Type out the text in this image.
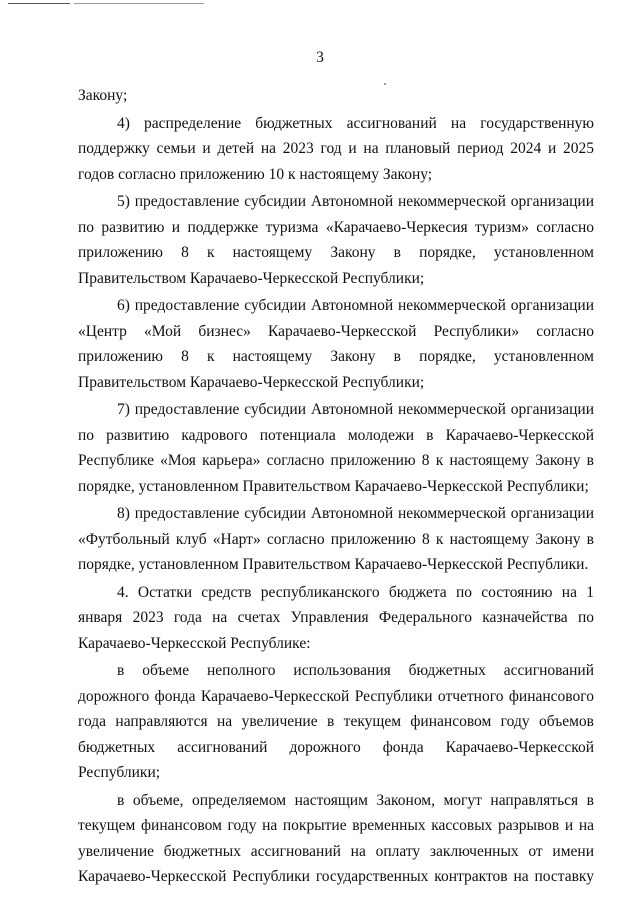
3

Закону;

4) распределение бюджетных ассигнований на государственную поддержку семьи и детей на 2023 год и на плановый период 2024 и 2025 годов согласно приложению 10 к настоящему Закону;

5) предоставление субсидии Автономной некоммерческой организации по развитию и поддержке туризма «Карачаево-Черкесия туризм» согласно приложению 8 к настоящему Закону в порядке, установленном Правительством Карачаево-Черкесской Республики;

6) предоставление субсидии Автономной некоммерческой организации «Центр «Мой бизнес» Карачаево-Черкесской Республики» согласно приложению 8 к настоящему Закону в порядке, установленном Правительством Карачаево-Черкесской Республики;

7) предоставление субсидии Автономной некоммерческой организации по развитию кадрового потенциала молодежи в Карачаево-Черкесской Республике «Моя карьера» согласно приложению 8 к настоящему Закону в порядке, установленном Правительством Карачаево-Черкесской Республики;

8) предоставление субсидии Автономной некоммерческой организации «Футбольный клуб «Нарт» согласно приложению 8 к настоящему Закону в порядке, установленном Правительством Карачаево-Черкесской Республики.

4. Остатки средств республиканского бюджета по состоянию на 1 января 2023 года на счетах Управления Федерального казначейства по Карачаево-Черкесской Республике:

в объеме неполного использования бюджетных ассигнований дорожного фонда Карачаево-Черкесской Республики отчетного финансового года направляются на увеличение в текущем финансовом году объемов бюджетных ассигнований дорожного фонда Карачаево-Черкесской Республики;

в объеме, определяемом настоящим Законом, могут направляться в текущем финансовом году на покрытие временных кассовых разрывов и на увеличение бюджетных ассигнований на оплату заключенных от имени Карачаево-Черкесской Республики государственных контрактов на поставку
